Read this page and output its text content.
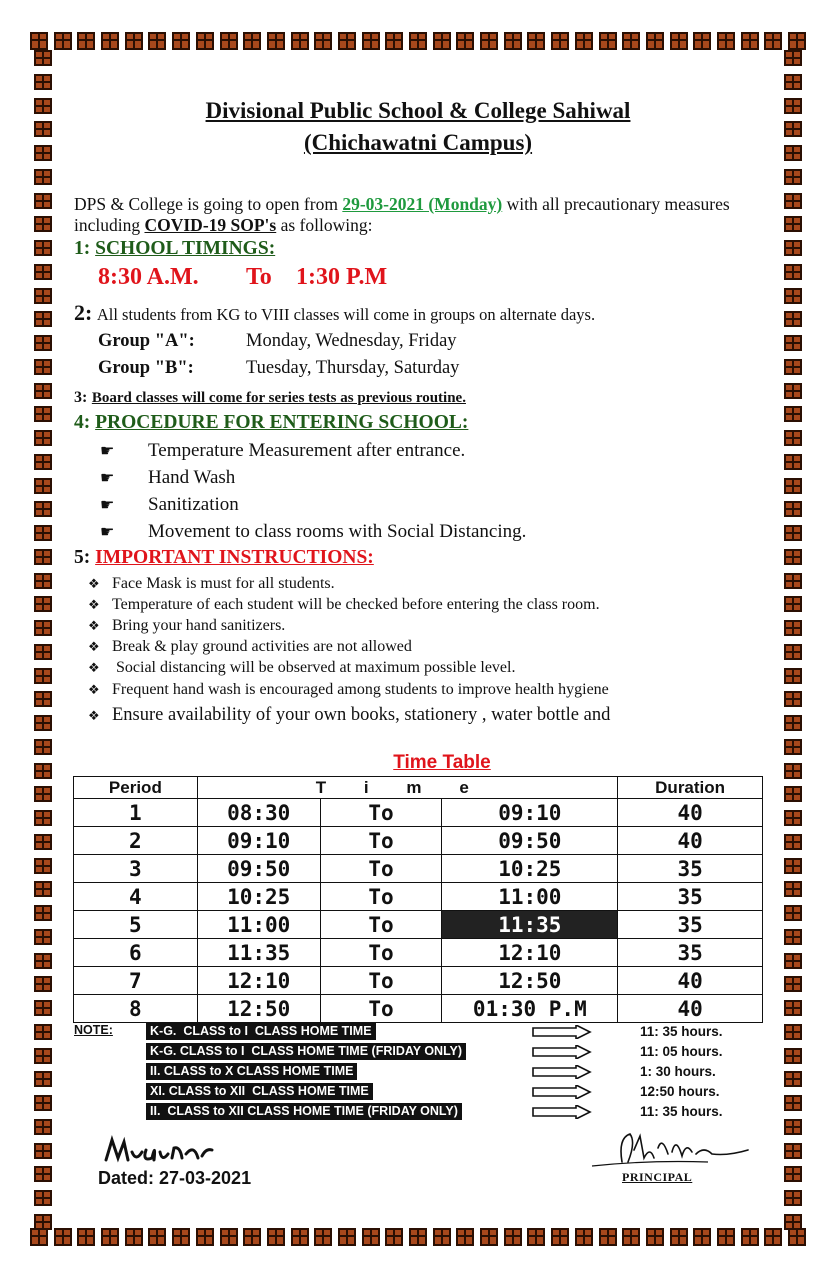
Divisional Public School & College Sahiwal
(Chichawatni Campus)
DPS & College is going to open from 29-03-2021 (Monday) with all precautionary measures including COVID-19 SOP's as following:
1: SCHOOL TIMINGS:
8:30 A.M. To 1:30 P.M
2: All students from KG to VIII classes will come in groups on alternate days.
Group "A":	Monday, Wednesday, Friday
Group "B":	Tuesday, Thursday, Saturday
3: Board classes will come for series tests as previous routine.
4: PROCEDURE FOR ENTERING SCHOOL:
☛ Temperature Measurement after entrance.
☛ Hand Wash
☛ Sanitization
☛ Movement to class rooms with Social Distancing.
5: IMPORTANT INSTRUCTIONS:
❖ Face Mask is must for all students.
❖ Temperature of each student will be checked before entering the class room.
❖ Bring your hand sanitizers.
❖ Break & play ground activities are not allowed
❖ Social distancing will be observed at maximum possible level.
❖ Frequent hand wash is encouraged among students to improve health hygiene
❖ Ensure availability of your own books, stationery , water bottle and
Time Table
Period	T        i        m        e			Duration
1	08:30	To	09:10	40
2	09:10	To	09:50	40
3	09:50	To	10:25	35
4	10:25	To	11:00	35
5	11:00	To	11:35	35
6	11:35	To	12:10	35
7	12:10	To	12:50	40
8	12:50	To	01:30 P.M	40
NOTE:	K-G.  CLASS to I  CLASS HOME TIME	11: 35 hours.
K-G. CLASS to I  CLASS HOME TIME (FRIDAY ONLY)	11: 05 hours.
II. CLASS to X CLASS HOME TIME	1: 30 hours.
XI. CLASS to XII  CLASS HOME TIME	12:50 hours.
II.  CLASS to XII CLASS HOME TIME (FRIDAY ONLY)	11: 35 hours.
Dated: 27-03-2021	PRINCIPAL
